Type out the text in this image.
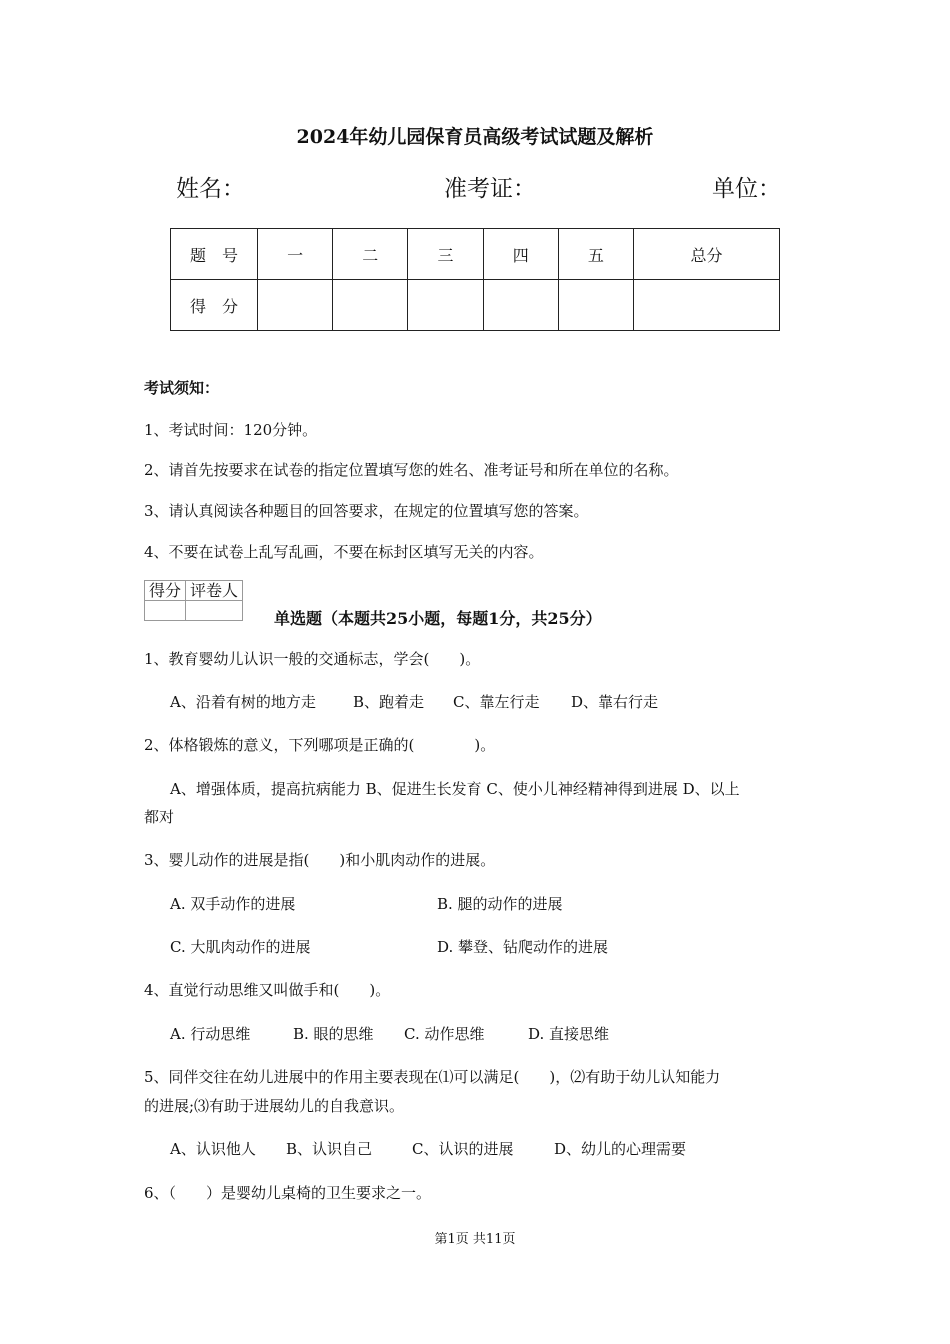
2024年幼儿园保育员高级考试试题及解析
姓名：	准考证：	单位：
题　号	一	二	三	四	五	总分
得　分						
考试须知：
1、考试时间：120分钟。
2、请首先按要求在试卷的指定位置填写您的姓名、准考证号和所在单位的名称。
3、请认真阅读各种题目的回答要求，在规定的位置填写您的答案。
4、不要在试卷上乱写乱画，不要在标封区填写无关的内容。
得分	评卷人

单选题（本题共25小题，每题1分，共25分）
1、教育婴幼儿认识一般的交通标志，学会(　　)。
A、沿着有树的地方走 B、跑着走 C、靠左行走 D、靠右行走
2、体格锻炼的意义，下列哪项是正确的(　　　　)。
A、增强体质，提高抗病能力 B、促进生长发育 C、使小儿神经精神得到进展 D、以上
都对
3、婴儿动作的进展是指(　　)和小肌肉动作的进展。
A. 双手动作的进展	B. 腿的动作的进展
C. 大肌肉动作的进展	D. 攀登、钻爬动作的进展
4、直觉行动思维又叫做手和(　　)。
A. 行动思维	B. 眼的思维 C. 动作思维	D. 直接思维
5、同伴交往在幼儿进展中的作用主要表现在⑴可以满足(　　)，⑵有助于幼儿认知能力
的进展;⑶有助于进展幼儿的自我意识。
A、认识他人 B、认识自己	C、认识的进展	D、幼儿的心理需要
6、（　　）是婴幼儿桌椅的卫生要求之一。
第1页 共11页
